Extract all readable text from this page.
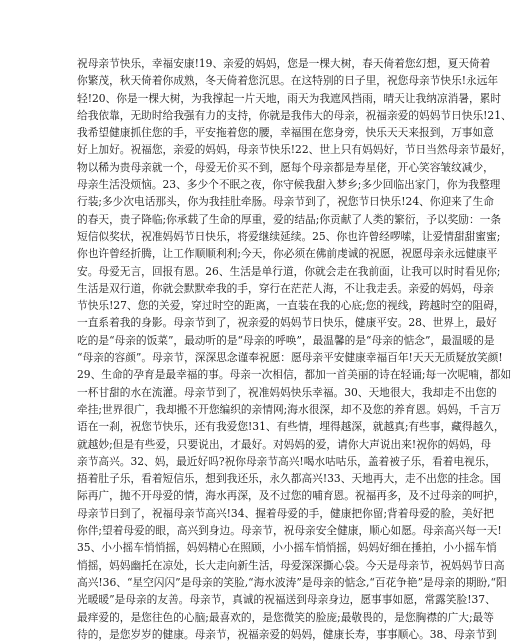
祝母亲节快乐，幸福安康!19、亲爱的妈妈，您是一棵大树，春天倚着您幻想，夏天倚着
你繁茂，秋天倚着你成熟，冬天倚着您沉思。在这特别的日子里，祝您母亲节快乐!永远年
轻!20、你是一棵大树，为我撑起一片天地，雨天为我遮风挡雨，晴天让我纳凉消暑，累时
给我依靠，无助时给我强有力的支持，你就是我伟大的母亲，祝福亲爱的妈妈节日快乐!21、
我希望健康抓住您的手，平安拖着您的腰，幸福围在您身旁，快乐天天来报到，万事如意
好上加好。祝福您，亲爱的妈妈，母亲节快乐!22、世上只有妈妈好，节日当然母亲节最好，
物以稀为贵母亲就一个，母爱无价买不到，愿每个母亲都是寿星佬，开心笑容皱纹减少，
母亲生活没烦恼。23、多少个不眠之夜，你守候我甜入梦乡;多少回临出家门，你为我整理
行装;多少次电话那头，你为我挂肚牵肠。母亲节到了，祝您节日快乐!24、你迎来了生命
的春天，贵子降临;你承载了生命的厚重，爱的结晶;你贡献了人类的繁衍，予以奖励：一条
短信似奖状，祝准妈妈节日快乐，将爱继续延续。25、你也许曾经啰嗦，让爱情甜甜蜜蜜;
你也许曾经折腾，让工作顺顺利利;今天，你必须在佛前虔诚的祝愿，祝愿母亲永远健康平
安。母爱无言，回报有恩。26、生活是单行道，你就会走在我前面，让我可以时时看见你;
生活是双行道，你就会默默牵我的手，穿行在茫茫人海，不让我走丢。亲爱的妈妈，母亲
节快乐!27、您的关爱，穿过时空的距离，一直装在我的心底;您的视线，跨越时空的阻碍，
一直系着我的身影。母亲节到了，祝亲爱的妈妈节日快乐，健康平安。28、世界上，最好
吃的是“母亲的饭菜”，最动听的是“母亲的呼唤”，最温馨的是“母亲的惦念”，最温暖的是
“母亲的容颜”。母亲节，深深思念谨奉祝愿：愿母亲平安健康幸福百年!天天无质疑放笑颜!
29、生命的孕育是最幸福的事。母亲一次相信，都加一首美丽的诗在轻诵;每一次呢喃，都如
一杯甘甜的水在流灌。母亲节到了，祝准妈妈快乐幸福。30、天地很大，我却走不出您的
牵挂;世界很广，我却搬不开您编织的亲情网;海水很深，却不及您的养育恩。妈妈，千言万
语在一刹，祝您节快乐，还有我爱您!31、有些情，埋得越深，就越真;有些事，藏得越久，
就越妙;但是有些爱，只要说出，才最好。对妈妈的爱，请你大声说出来!祝你的妈妈，母
亲节高兴。32、妈，最近好吗?祝你母亲节高兴!喝水咕咕乐，盖着被子乐，看着电视乐，
捂着肚子乐，看着短信乐，想到我还乐，永久都高兴!33、天地再大，走不出您的挂念。国
际再广，抛不开母爱的情，海水再深，及不过您的哺育恩。祝福再多，及不过母亲的呵护，
母亲节日到了，祝福母亲节高兴!34、握着母爱的手，健康把你留;背着母爱的脸，美好把
你伴;望着母爱的眼，高兴到身边。母亲节，祝母亲安全健康，顺心如愿。母亲高兴每一天!
35、小小摇车悄悄摇，妈妈精心在照顾，小小摇车悄悄摇，妈妈好细在捶拍，小小摇车悄
悄摇，妈妈幽托在凉处，长大走向新生活，母爱深深撕心袋。今天是母亲节，祝妈妈节日高
高兴!36、“星空闪闪”是母亲的笑脸,“海水波涛”是母亲的惦念,“百花争艳”是母亲的期盼,“阳
光暖暖”是母亲的友善。母亲节，真诚的祝福送到母亲身边，愿事事如愿，常露笑脸!37、
最痒爱的，是您往色的心脑;最喜欢的，是您微笑的脸庞;最敬畏的，是您胸襟的广大;最等
待的，是您岁岁的健康。母亲节，祝福亲爱的妈妈，健康长寿，事事顺心。38、母亲节到
